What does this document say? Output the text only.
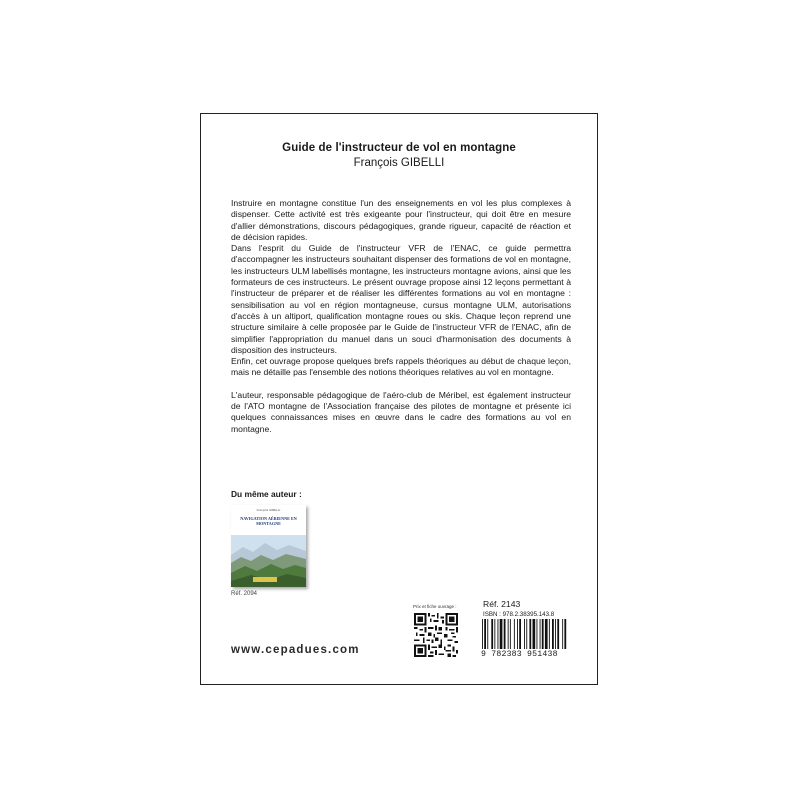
Guide de l'instructeur de vol en montagne
François GIBELLI

Instruire en montagne constitue l'un des enseignements en vol les plus complexes à dispenser. Cette activité est très exigeante pour l'instructeur, qui doit être en mesure d'allier démonstrations, discours pédagogiques, grande rigueur, capacité de réaction et de décision rapides.

Dans l'esprit du Guide de l'instructeur VFR de l'ENAC, ce guide permettra d'accompagner les instructeurs souhaitant dispenser des formations de vol en montagne, les instructeurs ULM labellisés montagne, les instructeurs montagne avions, ainsi que les formateurs de ces instructeurs. Le présent ouvrage propose ainsi 12 leçons permettant à l'instructeur de préparer et de réaliser les différentes formations au vol en montagne : sensibilisation au vol en région montagneuse, cursus montagne ULM, autorisations d'accès à un altiport, qualification montagne roues ou skis. Chaque leçon reprend une structure similaire à celle proposée par le Guide de l'instructeur VFR de l'ENAC, afin de simplifier l'appropriation du manuel dans un souci d'harmonisation des documents à disposition des instructeurs.

Enfin, cet ouvrage propose quelques brefs rappels théoriques au début de chaque leçon, mais ne détaille pas l'ensemble des notions théoriques relatives au vol en montagne.

L'auteur, responsable pédagogique de l'aéro-club de Méribel, est également instructeur de l'ATO montagne de l'Association française des pilotes de montagne et présente ici quelques connaissances mises en œuvre dans le cadre des formations au vol en montagne.

Du même auteur :
François GIBELLI
NAVIGATION AÉRIENNE EN MONTAGNE
Réf. 2094
www.cepadues.com
Prix et fiche ouvrage :	Réf. 2143
ISBN : 978.2.38395.143.8
9 782383 951438
